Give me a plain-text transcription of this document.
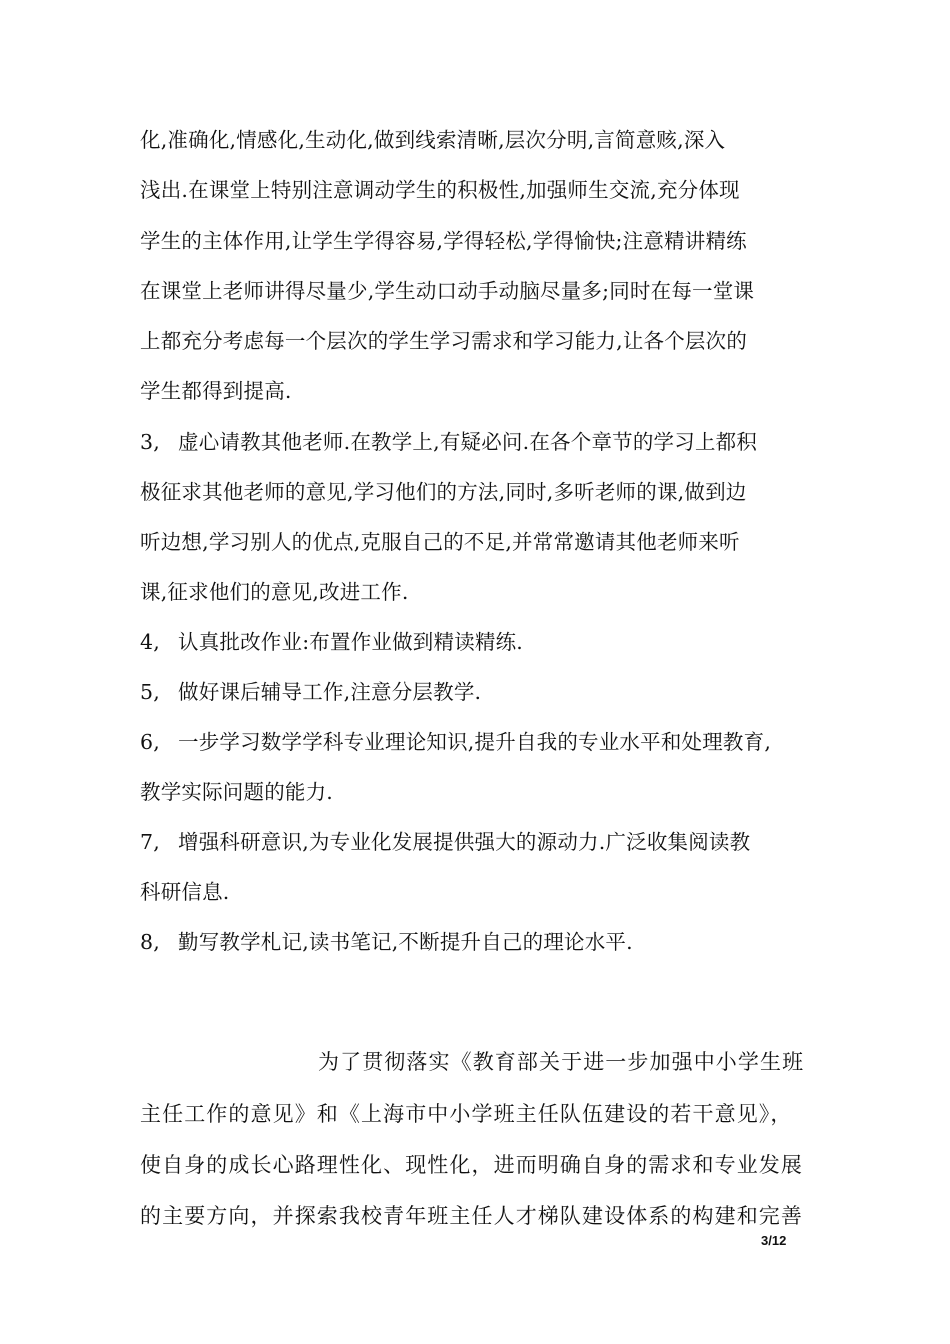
化,准确化,情感化,生动化,做到线索清晰,层次分明,言简意赅,深入

浅出.在课堂上特别注意调动学生的积极性,加强师生交流,充分体现

学生的主体作用,让学生学得容易,学得轻松,学得愉快;注意精讲精练

在课堂上老师讲得尽量少,学生动口动手动脑尽量多;同时在每一堂课

上都充分考虑每一个层次的学生学习需求和学习能力,让各个层次的

学生都得到提高.

3, 虚心请教其他老师.在教学上,有疑必问.在各个章节的学习上都积

极征求其他老师的意见,学习他们的方法,同时,多听老师的课,做到边

听边想,学习别人的优点,克服自己的不足,并常常邀请其他老师来听

课,征求他们的意见,改进工作.

4, 认真批改作业:布置作业做到精读精练.

5, 做好课后辅导工作,注意分层教学.

6, 一步学习数学学科专业理论知识,提升自我的专业水平和处理教育,

教学实际问题的能力.

7, 增强科研意识,为专业化发展提供强大的源动力.广泛收集阅读教

科研信息.

8, 勤写教学札记,读书笔记,不断提升自己的理论水平.

为了贯彻落实《教育部关于进一步加强中小学生班

主任工作的意见》和《上海市中小学班主任队伍建设的若干意见》，

使自身的成长心路理性化、现性化，进而明确自身的需求和专业发展

的主要方向，并探索我校青年班主任人才梯队建设体系的构建和完善

3/12
